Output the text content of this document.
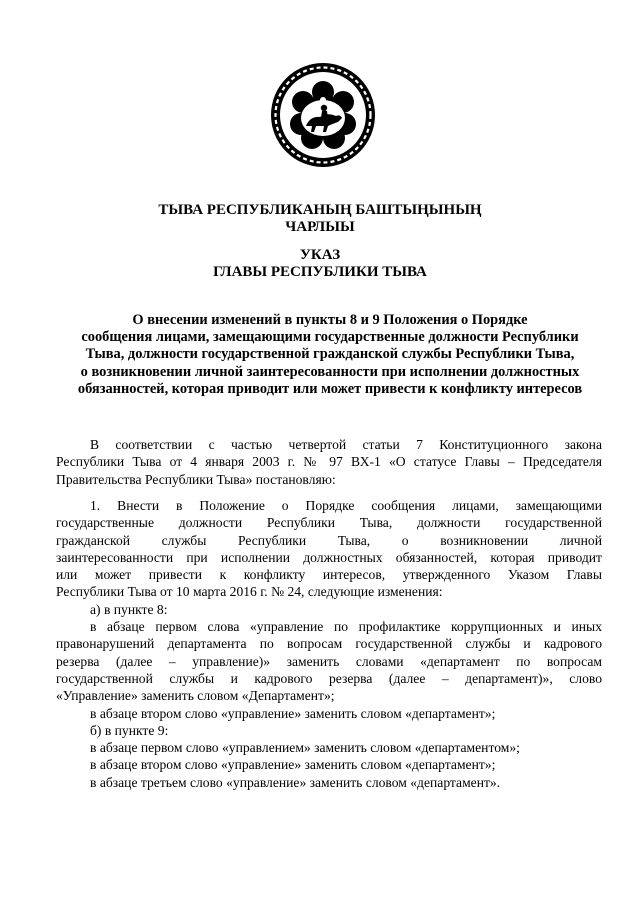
ТЫВА РЕСПУБЛИКАНЫҢ БАШТЫҢЫНЫҢ
ЧАРЛЫЫ
УКАЗ
ГЛАВЫ РЕСПУБЛИКИ ТЫВА
О внесении изменений в пункты 8 и 9 Положения о Порядке
сообщения лицами, замещающими государственные должности Республики
Тыва, должности государственной гражданской службы Республики Тыва,
о возникновении личной заинтересованности при исполнении должностных
обязанностей, которая приводит или может привести к конфликту интересов
В соответствии с частью четвертой статьи 7 Конституционного закона
Республики Тыва от 4 января 2003 г. № 97 ВХ-1 «О статусе Главы – Председателя
Правительства Республики Тыва» постановляю:
1. Внести в Положение о Порядке сообщения лицами, замещающими
государственные должности Республики Тыва, должности государственной
гражданской службы Республики Тыва, о возникновении личной
заинтересованности при исполнении должностных обязанностей, которая приводит
или может привести к конфликту интересов, утвержденного Указом Главы
Республики Тыва от 10 марта 2016 г. № 24, следующие изменения:
а) в пункте 8:
в абзаце первом слова «управление по профилактике коррупционных и иных
правонарушений департамента по вопросам государственной службы и кадрового
резерва (далее – управление)» заменить словами «департамент по вопросам
государственной службы и кадрового резерва (далее – департамент)», слово
«Управление» заменить словом «Департамент»;
в абзаце втором слово «управление» заменить словом «департамент»;
б) в пункте 9:
в абзаце первом слово «управлением» заменить словом «департаментом»;
в абзаце втором слово «управление» заменить словом «департамент»;
в абзаце третьем слово «управление» заменить словом «департамент».
